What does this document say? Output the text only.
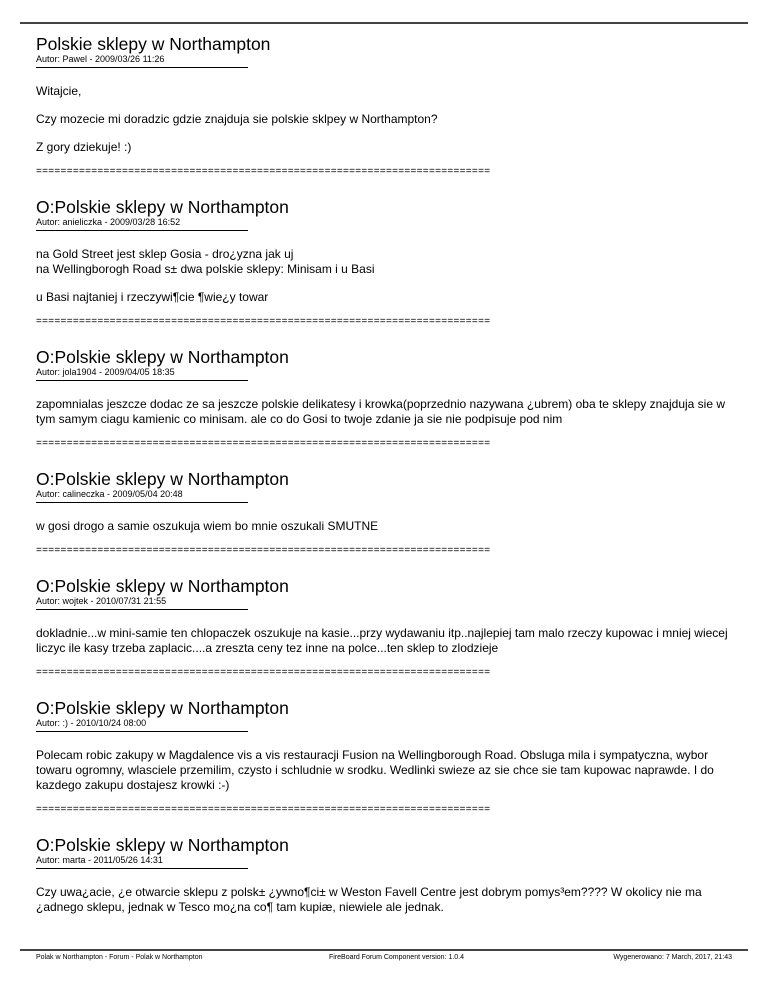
Polskie sklepy w Northampton
Autor: Pawel - 2009/03/26 11:26

Witajcie,

Czy mozecie mi doradzic gdzie znajduja sie polskie sklpey w Northampton?

Z gory dziekuje! :)

==========================================================================
O:Polskie sklepy w Northampton
Autor: anieliczka - 2009/03/28 16:52

na Gold Street jest sklep Gosia - dro¿yzna jak uj
na Wellingborogh Road s± dwa polskie sklepy: Minisam i u Basi

u Basi najtaniej i rzeczywi¶cie ¶wie¿y towar

==========================================================================
O:Polskie sklepy w Northampton
Autor: jola1904 - 2009/04/05 18:35

zapomnialas jeszcze dodac ze sa jeszcze polskie delikatesy i krowka(poprzednio nazywana ¿ubrem) oba te sklepy znajduja sie w tym samym ciagu kamienic co minisam. ale co do Gosi to twoje zdanie ja sie nie podpisuje pod nim

==========================================================================
O:Polskie sklepy w Northampton
Autor: calineczka - 2009/05/04 20:48

w gosi drogo a samie oszukuja wiem bo mnie oszukali SMUTNE

==========================================================================
O:Polskie sklepy w Northampton
Autor: wojtek - 2010/07/31 21:55

dokladnie...w mini-samie ten chlopaczek oszukuje na kasie...przy wydawaniu itp..najlepiej tam malo rzeczy kupowac i mniej wiecej liczyc ile kasy trzeba zaplacic....a zreszta ceny tez inne na polce...ten sklep to zlodzieje

==========================================================================
O:Polskie sklepy w Northampton
Autor: :) - 2010/10/24 08:00

Polecam robic zakupy w Magdalence vis a vis restauracji Fusion na Wellingborough Road. Obsluga mila i sympatyczna, wybor towaru ogromny, wlasciele przemilim, czysto i schludnie w srodku. Wedlinki swieze az sie chce sie tam kupowac naprawde. I do kazdego zakupu dostajesz krowki :-)

==========================================================================
O:Polskie sklepy w Northampton
Autor: marta - 2011/05/26 14:31

Czy uwa¿acie, ¿e otwarcie sklepu z polsk± ¿ywno¶ci± w Weston Favell Centre jest dobrym pomys³em???? W okolicy nie ma ¿adnego sklepu, jednak w Tesco mo¿na co¶ tam kupiæ, niewiele ale jednak.

Polak w Northampton - Forum - Polak w Northampton	FireBoard Forum Component version: 1.0.4	Wygenerowano: 7 March, 2017, 21:43
